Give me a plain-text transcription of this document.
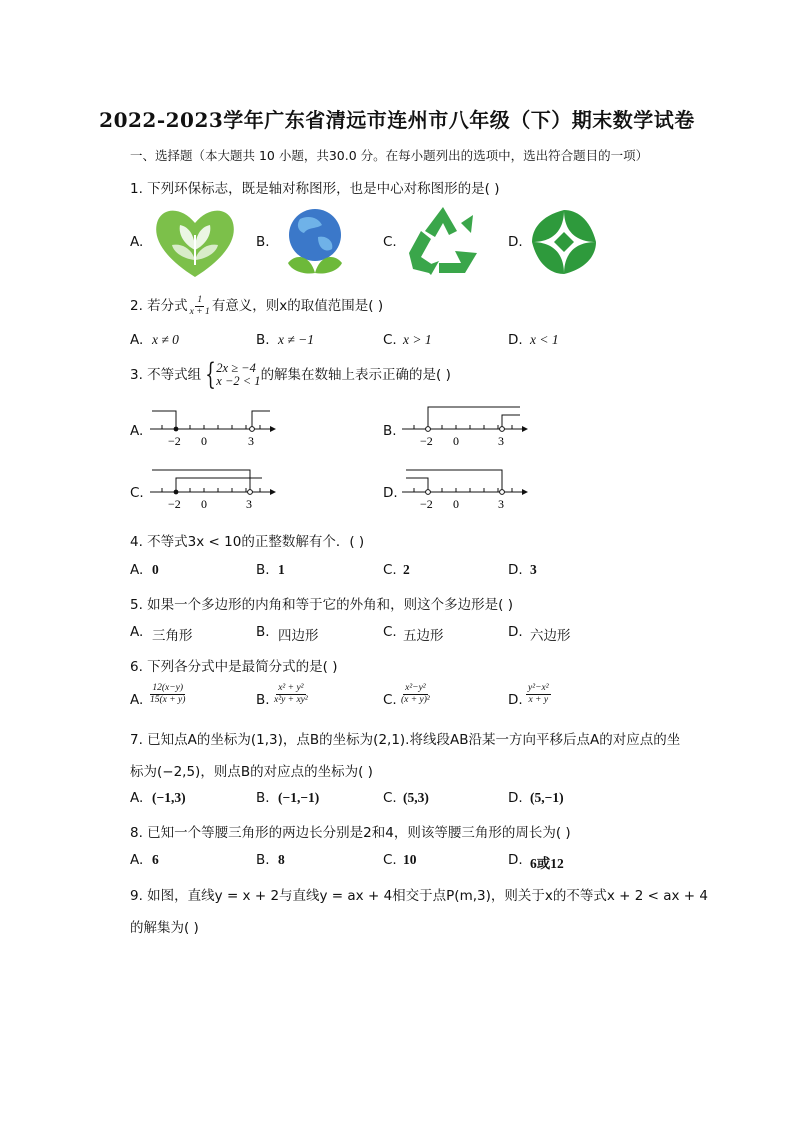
2022-2023学年广东省清远市连州市八年级（下）期末数学试卷
一、选择题（本大题共 10 小题，共30.0 分。在每小题列出的选项中，选出符合题目的一项）
1. 下列环保标志，既是轴对称图形，也是中心对称图形的是( )
A.	B.	C.	D.
2. 若分式 $\frac{1}{x + 1}$ 有意义，则x的取值范围是( )
A. x ≠ 0	B. x ≠ −1	C. x > 1	D. x < 1
3. 不等式组 { 2x ≥ −4
x −2 < 1 的解集在数轴上表示正确的是( )
A.
−2 0	3
B.
−2 0	3
C.
−2 0	3
D.
−2 0	3
4. 不等式3x < 10的正整数解有个．( )
A. 0	B. 1	C. 2	D. 3
5. 如果一个多边形的内角和等于它的外角和，则这个多边形是( )
A. 三角形	B. 四边形	C. 五边形	D. 六边形
6. 下列各分式中是最简分式的是( )
A. $\frac{12(x-y)}{15(x + y)}$	B. $\frac{\text{x² + y²}}{\text{x²y + xy²}}$	C. $\frac{\text{x²−y²}}{\text{(x + y)²}}$	D. $\frac{\text{y²−x²}}{x + y}$
7. 已知点A的坐标为(1,3)，点B的坐标为(2,1).将线段AB沿某一方向平移后点A的对应点的坐
标为(−2,5)，则点B的对应点的坐标为( )
A. (−1,3)	B. (−1,−1)	C. (5,3)	D. (5,−1)
8. 已知一个等腰三角形的两边长分别是2和4，则该等腰三角形的周长为( )
A. 6	B. 8	C. 10	D. 6或12
9. 如图，直线y = x + 2与直线y = ax + 4相交于点P(m,3)，则关于x的不等式x + 2 < ax + 4
的解集为( )
